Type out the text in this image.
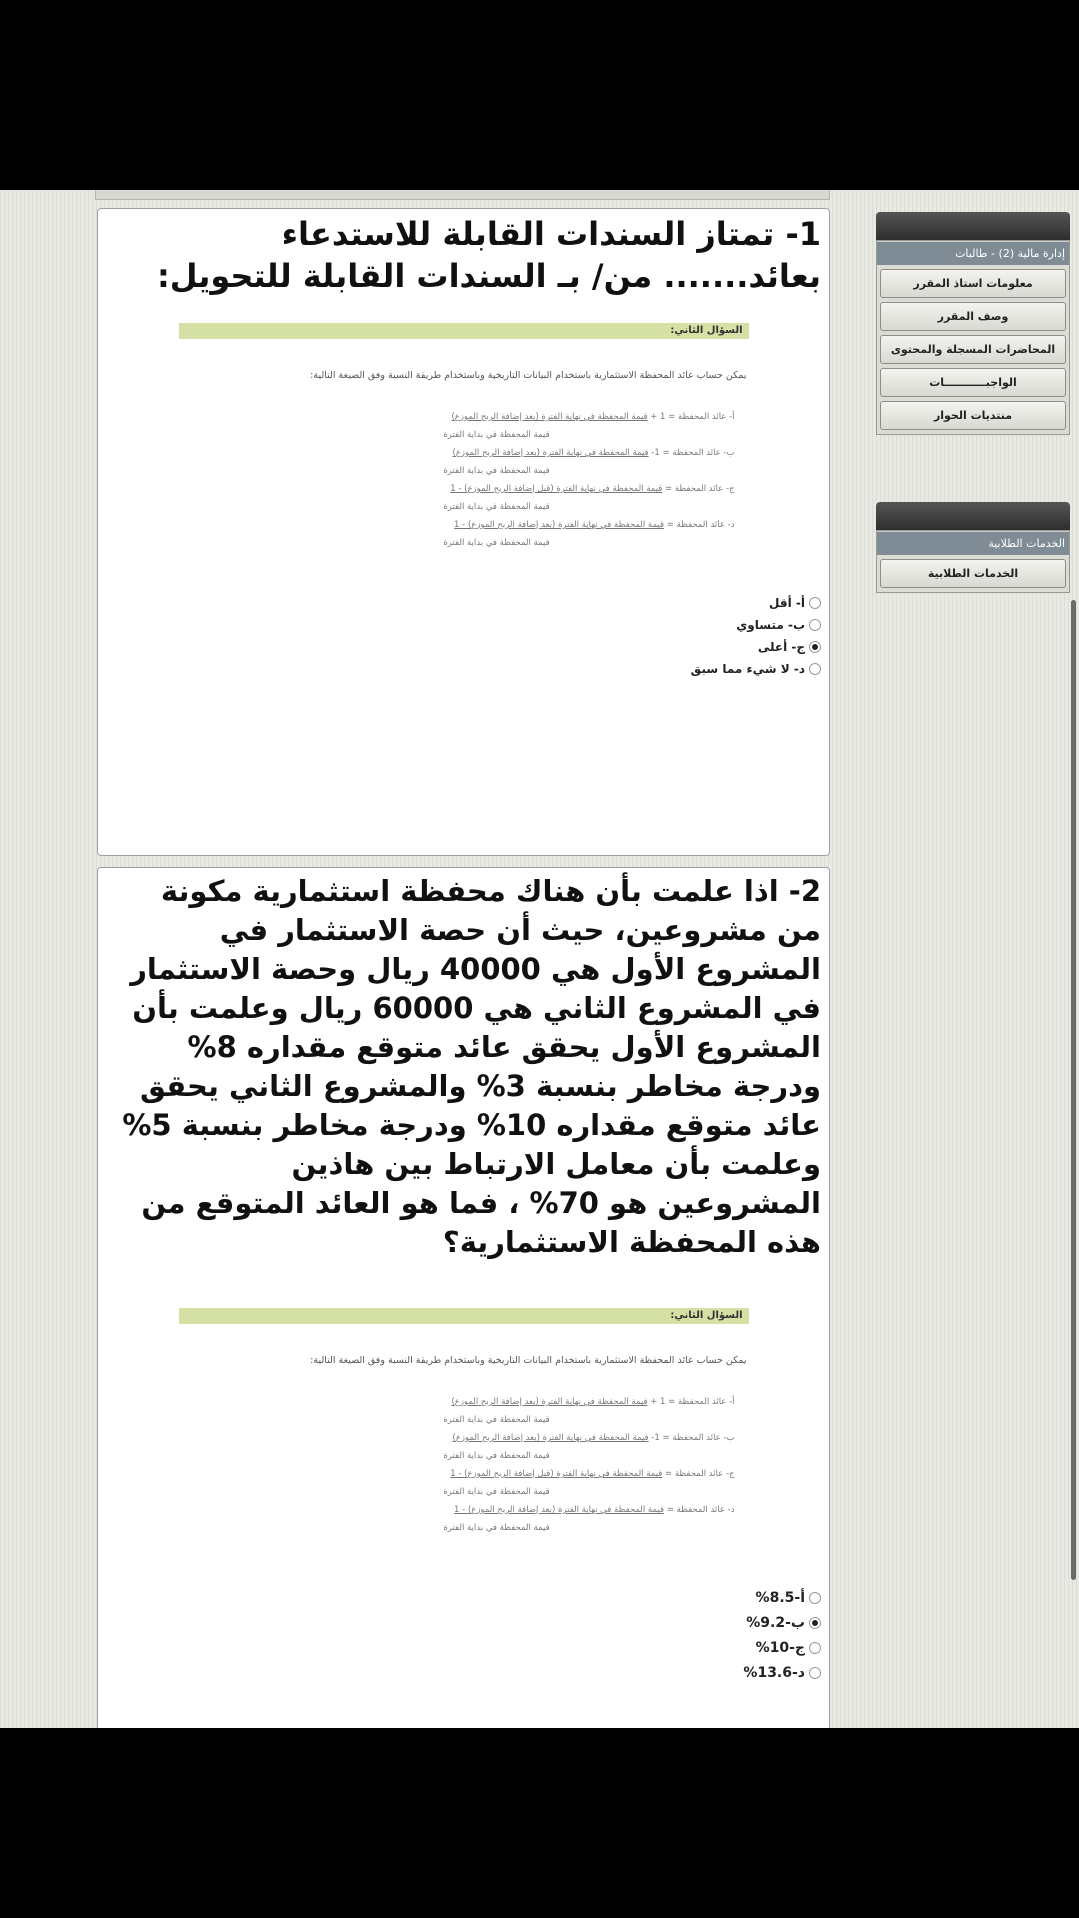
1- تمتاز السندات القابلة للاستدعاء بعائد....... من/ بـ السندات القابلة للتحويل:
السؤال الثاني:
يمكن حساب عائد المحفظة الاستثمارية باستخدام البيانات التاريخية وباستخدام طريقة النسبة وفق الصيغة التالية:
أ- عائد المحفظة = 1 + قيمة المحفظة في نهاية الفترة (بعد إضافة الربح الموزع)
قيمة المحفظة في بداية الفترة
ب- عائد المحفظة = 1- قيمة المحفظة في نهاية الفترة (بعد إضافة الربح الموزع)
قيمة المحفظة في بداية الفترة
ج- عائد المحفظة = قيمة المحفظة في نهاية الفترة (قبل إضافة الربح الموزع) - 1
قيمة المحفظة في بداية الفترة
د- عائد المحفظة = قيمة المحفظة في نهاية الفترة (بعد إضافة الربح الموزع) - 1
قيمة المحفظة في بداية الفترة
أ- أقل
ب- متساوي
ج- أعلى
د- لا شيء مما سبق
2- اذا علمت بأن هناك محفظة استثمارية مكونة من مشروعين، حيث أن حصة الاستثمار في المشروع الأول هي 40000 ريال وحصة الاستثمار في المشروع الثاني هي 60000 ريال وعلمت بأن المشروع الأول يحقق عائد متوقع مقداره 8% ودرجة مخاطر بنسبة 3% والمشروع الثاني يحقق عائد متوقع مقداره 10% ودرجة مخاطر بنسبة 5% وعلمت بأن معامل الارتباط بين هاذين المشروعين هو 70% ، فما هو العائد المتوقع من هذه المحفظة الاستثمارية؟
السؤال الثاني:
يمكن حساب عائد المحفظة الاستثمارية باستخدام البيانات التاريخية وباستخدام طريقة النسبة وفق الصيغة التالية:
أ- عائد المحفظة = 1 + قيمة المحفظة في نهاية الفترة (بعد إضافة الربح الموزع)
قيمة المحفظة في بداية الفترة
ب- عائد المحفظة = 1- قيمة المحفظة في نهاية الفترة (بعد إضافة الربح الموزع)
قيمة المحفظة في بداية الفترة
ج- عائد المحفظة = قيمة المحفظة في نهاية الفترة (قبل إضافة الربح الموزع) - 1
قيمة المحفظة في بداية الفترة
د- عائد المحفظة = قيمة المحفظة في نهاية الفترة (بعد إضافة الربح الموزع) - 1
قيمة المحفظة في بداية الفترة
أ-8.5%
ب-9.2%
ج-10%
د-13.6%
إدارة مالية (2) - طالبات
معلومات استاذ المقرر
وصف المقرر
المحاضرات المسجلة والمحتوى
الواجبـــــــــــات
منتديات الحوار
الخدمات الطلابية
الخدمات الطلابية
